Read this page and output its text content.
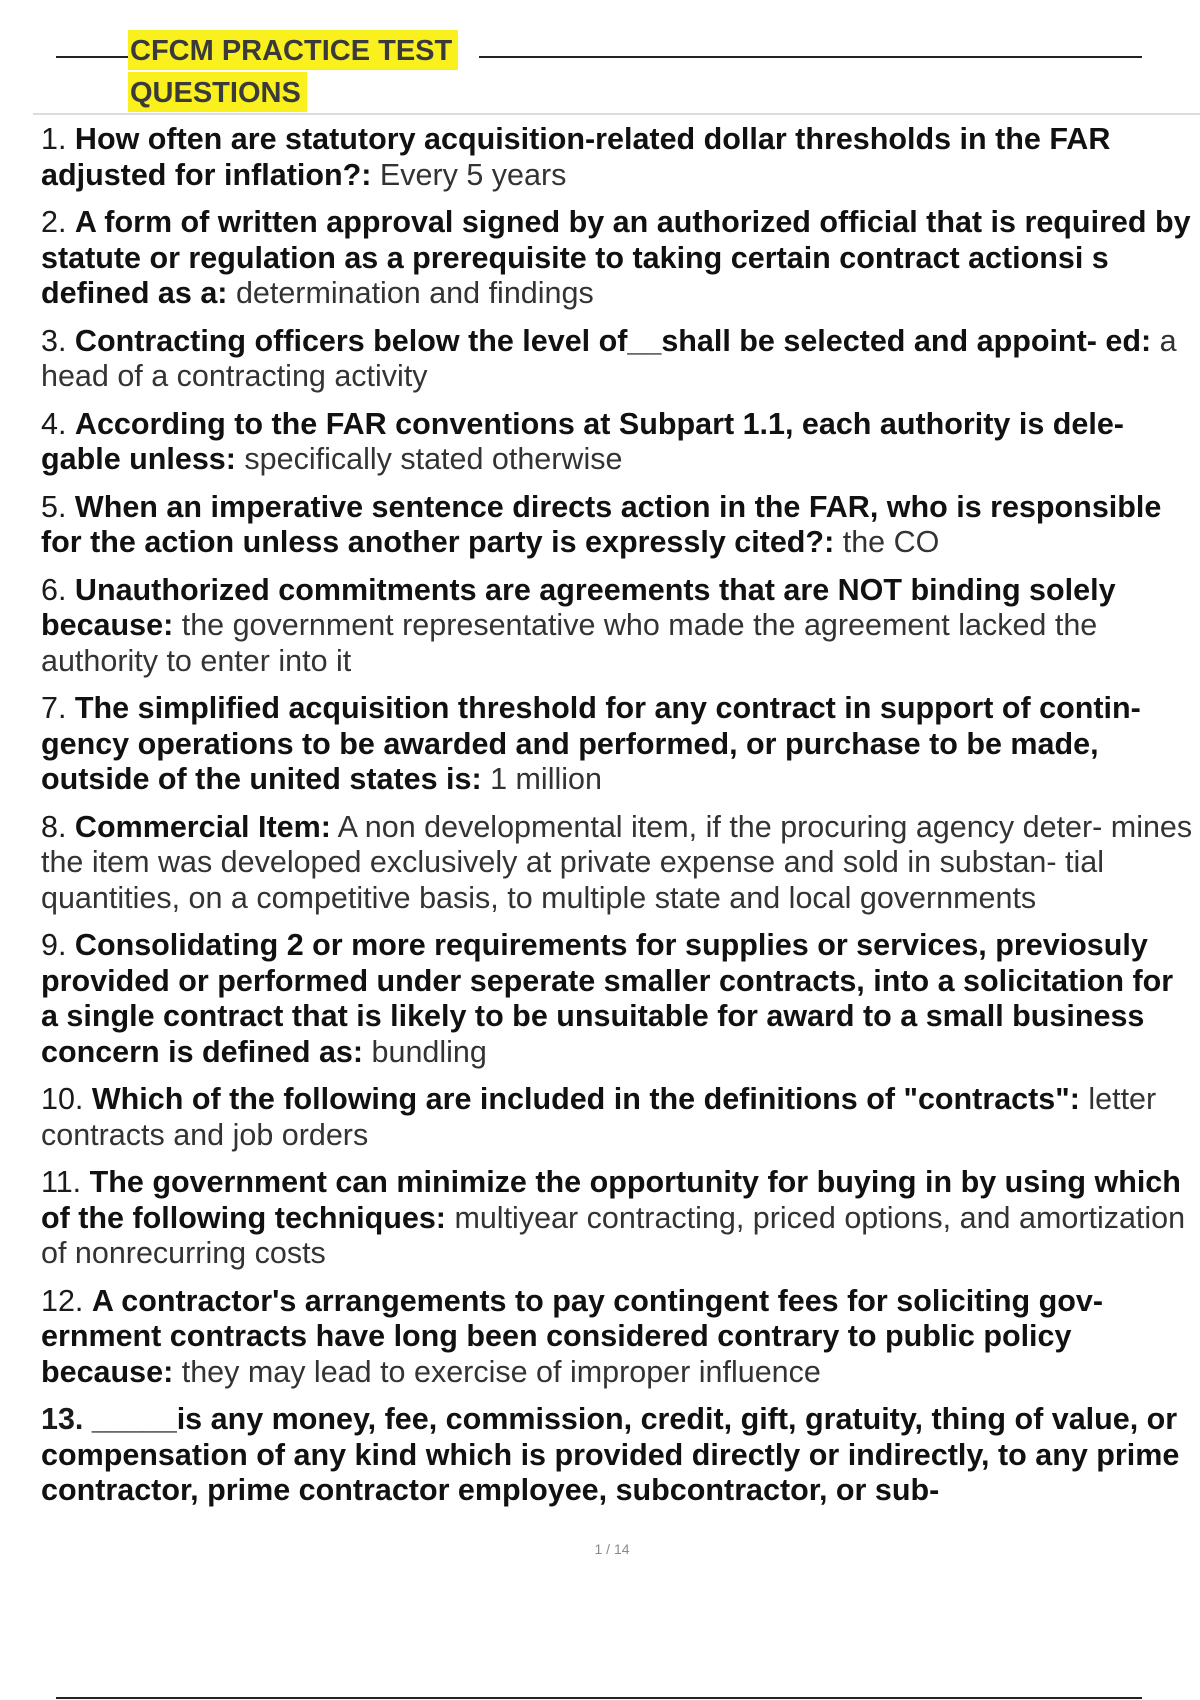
CFCM PRACTICE TEST
QUESTIONS
1. How often are statutory acquisition-related dollar thresholds in the FAR adjusted for inflation?: Every 5 years
2. A form of written approval signed by an authorized official that is required by statute or regulation as a prerequisite to taking certain contract actionsi s defined as a: determination and findings
3. Contracting officers below the level of__shall be selected and appoint- ed: a head of a contracting activity
4. According to the FAR conventions at Subpart 1.1, each authority is dele- gable unless: specifically stated otherwise
5. When an imperative sentence directs action in the FAR, who is responsible for the action unless another party is expressly cited?: the CO
6. Unauthorized commitments are agreements that are NOT binding solely because: the government representative who made the agreement lacked the authority to enter into it
7. The simplified acquisition threshold for any contract in support of contin- gency operations to be awarded and performed, or purchase to be made, outside of the united states is: 1 million
8. Commercial Item: A non developmental item, if the procuring agency deter- mines the item was developed exclusively at private expense and sold in substan- tial quantities, on a competitive basis, to multiple state and local governments
9. Consolidating 2 or more requirements for supplies or services, previosuly provided or performed under seperate smaller contracts, into a solicitation for a single contract that is likely to be unsuitable for award to a small business concern is defined as: bundling
10. Which of the following are included in the definitions of "contracts": letter contracts and job orders
11. The government can minimize the opportunity for buying in by using which of the following techniques: multiyear contracting, priced options, and amortization of nonrecurring costs
12. A contractor's arrangements to pay contingent fees for soliciting gov- ernment contracts have long been considered contrary to public policy because: they may lead to exercise of improper influence
13. _____is any money, fee, commission, credit, gift, gratuity, thing of value, or compensation of any kind which is provided directly or indirectly, to any prime contractor, prime contractor employee, subcontractor, or sub-
1 / 14
